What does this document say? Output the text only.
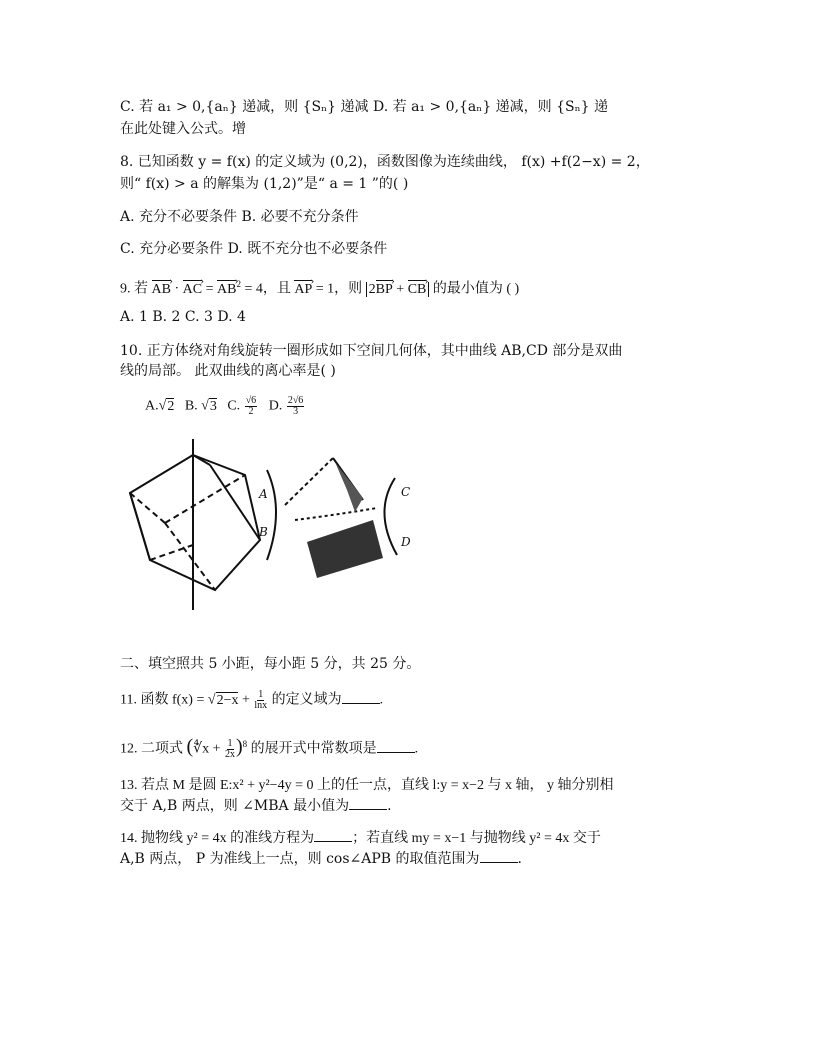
C. 若 a₁ > 0,{aₙ} 递减，则 {Sₙ} 递减 D. 若 a₁ > 0,{aₙ} 递减，则 {Sₙ} 递
在此处键入公式。增
8. 已知函数 y = f(x) 的定义域为 (0,2)，函数图像为连续曲线， f(x) +f(2−x) = 2，
则“ f(x) > a 的解集为 (1,2)”是“ a = 1 ”的( )
A. 充分不必要条件 B. 必要不充分条件
C. 充分必要条件 D. 既不充分也不必要条件
9. 若 AB › · AC › = AB ›$^2$ = 4，且 AP › = 1，则 2BP › + CB › 的最小值为 ( )
A. 1 B. 2 C. 3 D. 4
10. 正方体绕对角线旋转一圈形成如下空间几何体，其中曲线 AB,CD 部分是双曲
线的局部。 此双曲线的离心率是( )
A.√2 B. √3 C. $\frac{√6}{2} D$. $\frac{2√6}{3}$
A
B
C
D
二、填空照共 5 小距，每小距 5 分，共 25 分。
11. 函数 $f(x) = √2-x + \frac{1}{\ln x}$ 的定义域为	.
12. 二项式 (∜x + $\frac{1}{2x} )^8$ 的展开式中常数项是	.
13. 若点 M 是圆 E:x² + y²−4y = 0 上的任一点，直线 l:y = x−2 与 x 轴， y 轴分别相
交于 A,B 两点，则 ∠MBA 最小值为	.
14. 抛物线 y² = 4x 的准线方程为	；若直线 my = x−1 与抛物线 y² = 4x 交于
A,B 两点， P 为准线上一点，则 cos∠APB 的取值范围为	.
